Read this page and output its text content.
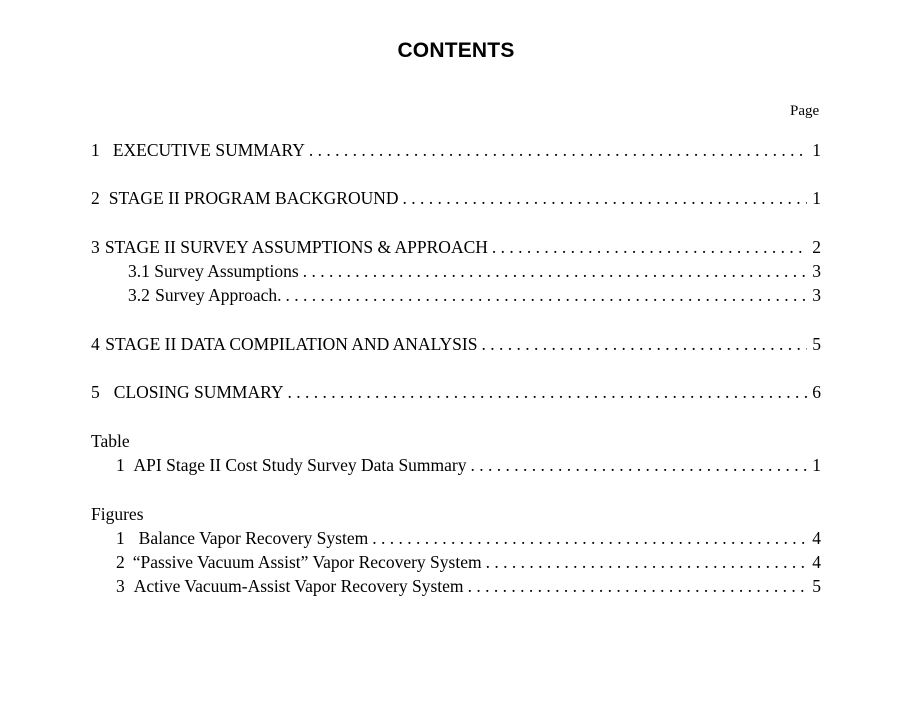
CONTENTS
Page
1 EXECUTIVE SUMMARY . . .	1
2 STAGE II PROGRAM BACKGROUND . . .	1
3 STAGE II SURVEY ASSUMPTIONS & APPROACH . . .	2
3.1 Survey Assumptions . . .	3
3.2 Survey Approach. . . .	3
4 STAGE II DATA COMPILATION AND ANALYSIS . . .	5
5 CLOSING SUMMARY . . .	6
Table
1 API Stage II Cost Study Survey Data Summary . . .	1
Figures
1 Balance Vapor Recovery System . . .	4
2 “Passive Vacuum Assist” Vapor Recovery System . . .	4
3 Active Vacuum-Assist Vapor Recovery System . . .	5
